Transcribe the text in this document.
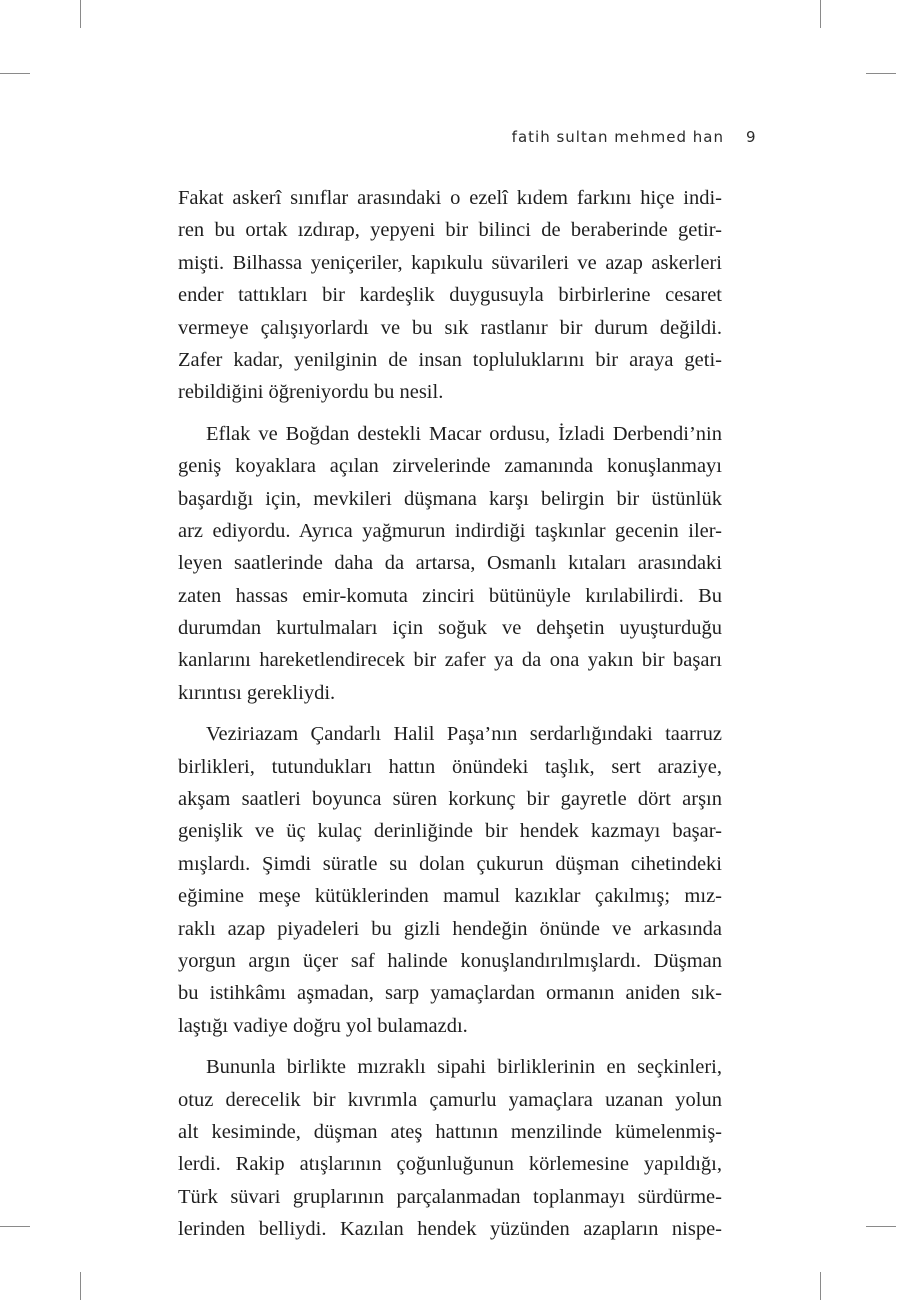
fatih sultan mehmed han 9
Fakat askerî sınıflar arasındaki o ezelî kıdem farkını hiçe indi-
ren bu ortak ızdırap, yepyeni bir bilinci de beraberinde getir-
mişti. Bilhassa yeniçeriler, kapıkulu süvarileri ve azap askerleri
ender tattıkları bir kardeşlik duygusuyla birbirlerine cesaret
vermeye çalışıyorlardı ve bu sık rastlanır bir durum değildi.
Zafer kadar, yenilginin de insan topluluklarını bir araya geti-
rebildiğini öğreniyordu bu nesil.
Eflak ve Boğdan destekli Macar ordusu, İzladi Derbendi’nin
geniş koyaklara açılan zirvelerinde zamanında konuşlanmayı
başardığı için, mevkileri düşmana karşı belirgin bir üstünlük
arz ediyordu. Ayrıca yağmurun indirdiği taşkınlar gecenin iler-
leyen saatlerinde daha da artarsa, Osmanlı kıtaları arasındaki
zaten hassas emir-komuta zinciri bütünüyle kırılabilirdi. Bu
durumdan kurtulmaları için soğuk ve dehşetin uyuşturduğu
kanlarını hareketlendirecek bir zafer ya da ona yakın bir başarı
kırıntısı gerekliydi.
Veziriazam Çandarlı Halil Paşa’nın serdarlığındaki taarruz
birlikleri, tutundukları hattın önündeki taşlık, sert araziye,
akşam saatleri boyunca süren korkunç bir gayretle dört arşın
genişlik ve üç kulaç derinliğinde bir hendek kazmayı başar-
mışlardı. Şimdi süratle su dolan çukurun düşman cihetindeki
eğimine meşe kütüklerinden mamul kazıklar çakılmış; mız-
raklı azap piyadeleri bu gizli hendeğin önünde ve arkasında
yorgun argın üçer saf halinde konuşlandırılmışlardı. Düşman
bu istihkâmı aşmadan, sarp yamaçlardan ormanın aniden sık-
laştığı vadiye doğru yol bulamazdı.
Bununla birlikte mızraklı sipahi birliklerinin en seçkinleri,
otuz derecelik bir kıvrımla çamurlu yamaçlara uzanan yolun
alt kesiminde, düşman ateş hattının menzilinde kümelenmiş-
lerdi. Rakip atışlarının çoğunluğunun körlemesine yapıldığı,
Türk süvari gruplarının parçalanmadan toplanmayı sürdürme-
lerinden belliydi. Kazılan hendek yüzünden azapların nispe-
